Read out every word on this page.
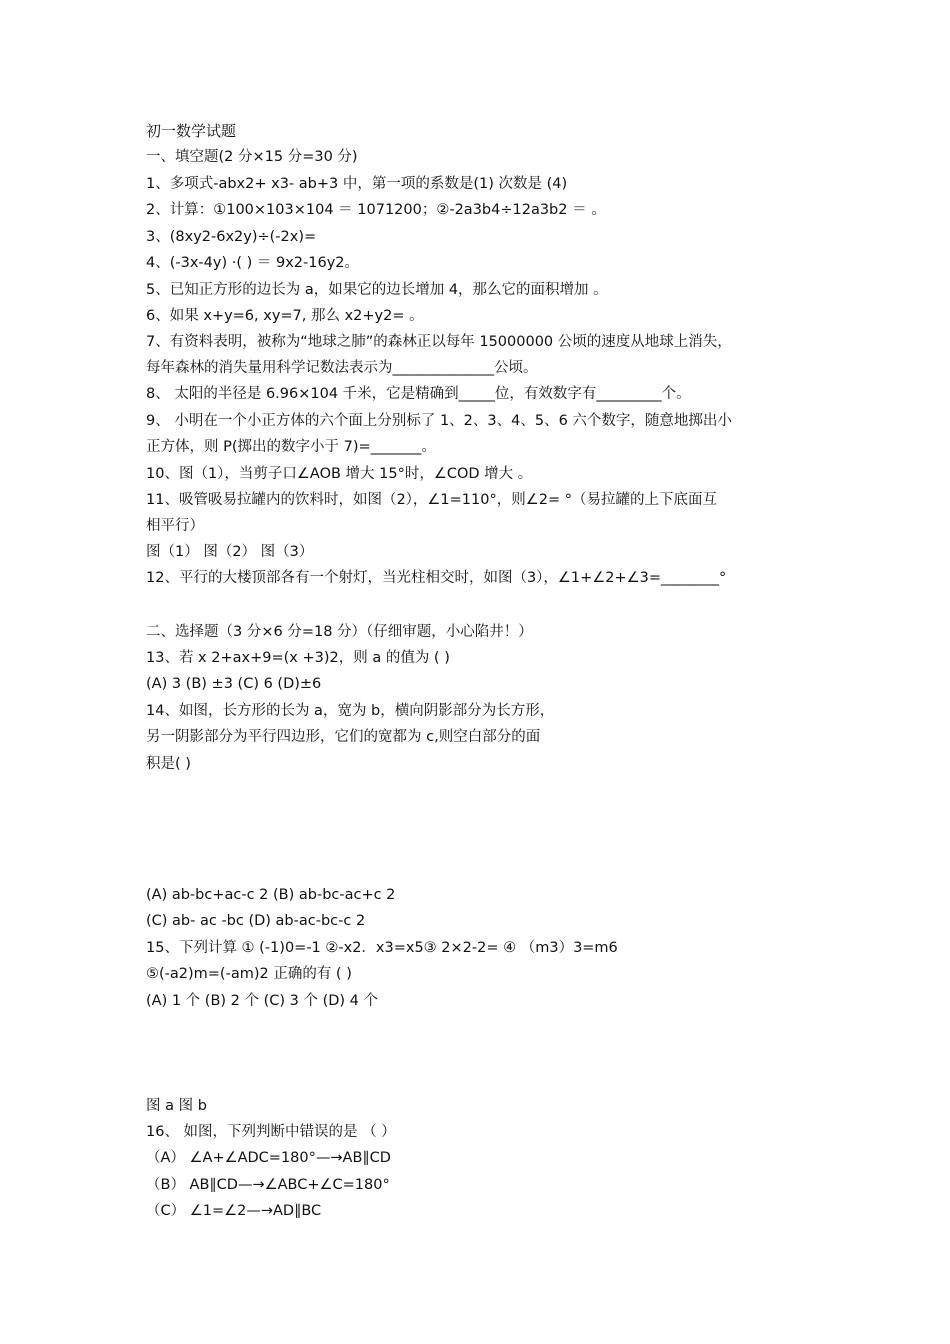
初一数学试题

一、填空题(2 分×15 分=30 分)

1、多项式-abx2+ x3- ab+3 中，第一项的系数是(1) 次数是 (4)

2、计算：①100×103×104 ＝ 1071200；②-2a3b4÷12a3b2 ＝ 。

3、(8xy2-6x2y)÷(-2x)=

4、(-3x-4y) ·( ) ＝ 9x2-16y2。

5、已知正方形的边长为 a，如果它的边长增加 4，那么它的面积增加 。

6、如果 x+y=6, xy=7, 那么 x2+y2= 。

7、有资料表明，被称为“地球之肺”的森林正以每年 15000000 公顷的速度从地球上消失，

每年森林的消失量用科学记数法表示为______________公顷。

8、 太阳的半径是 6.96×104 千米，它是精确到_____位，有效数字有_________个。

9、 小明在一个小正方体的六个面上分别标了 1、2、3、4、5、6 六个数字，随意地掷出小

正方体，则 P(掷出的数字小于 7)=_______。

10、图（1），当剪子口∠AOB 增大 15°时，∠COD 增大 。

11、吸管吸易拉罐内的饮料时，如图（2），∠1=110°，则∠2= °（易拉罐的上下底面互

相平行）

图（1） 图（2） 图（3）

12、平行的大楼顶部各有一个射灯，当光柱相交时，如图（3），∠1+∠2+∠3=________°

二、选择题（3 分×6 分=18 分）（仔细审题，小心陷井！）

13、若 x 2+ax+9=(x +3)2，则 a 的值为 ( )

(A) 3 (B) ±3 (C) 6 (D)±6

14、如图，长方形的长为 a，宽为 b，横向阴影部分为长方形，

另一阴影部分为平行四边形，它们的宽都为 c,则空白部分的面

积是( )

(A) ab-bc+ac-c 2 (B) ab-bc-ac+c 2

(C) ab- ac -bc (D) ab-ac-bc-c 2

15、下列计算 ① (-1)0=-1 ②-x2．x3=x5③ 2×2-2= ④ （m3）3=m6

⑤(-a2)m=(-am)2 正确的有 ( )

(A) 1 个 (B) 2 个 (C) 3 个 (D) 4 个

图 a 图 b

16、 如图，下列判断中错误的是 （ ）

（A） ∠A+∠ADC=180°—→AB∥CD

（B） AB∥CD—→∠ABC+∠C=180°

（C） ∠1=∠2—→AD∥BC
